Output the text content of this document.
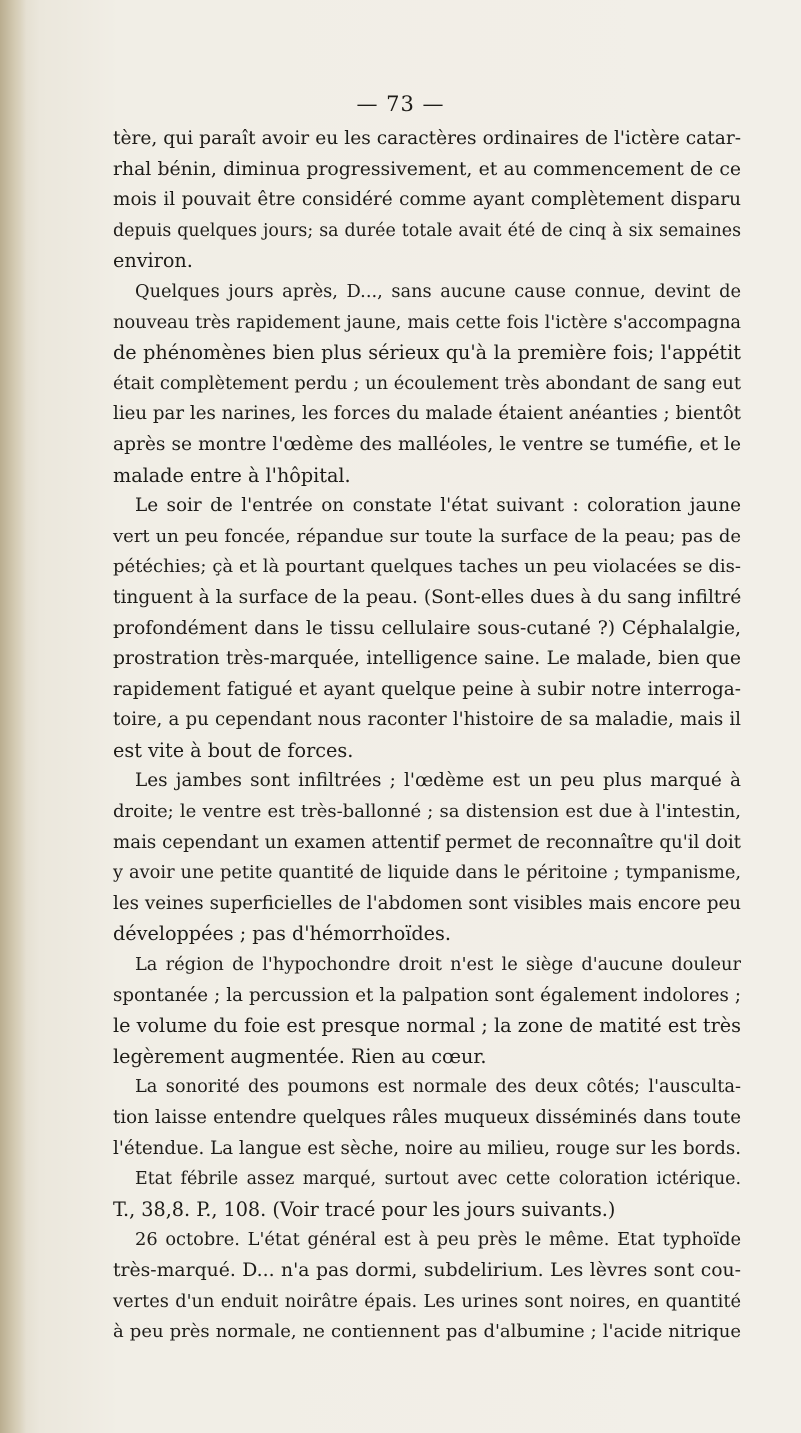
— 73 —
tère, qui paraît avoir eu les caractères ordinaires de l'ictère catar-
rhal bénin, diminua progressivement, et au commencement de ce
mois il pouvait être considéré comme ayant complètement disparu
depuis quelques jours; sa durée totale avait été de cinq à six semaines
environ.
Quelques jours après, D..., sans aucune cause connue, devint de
nouveau très rapidement jaune, mais cette fois l'ictère s'accompagna
de phénomènes bien plus sérieux qu'à la première fois; l'appétit
était complètement perdu ; un écoulement très abondant de sang eut
lieu par les narines, les forces du malade étaient anéanties ; bientôt
après se montre l'œdème des malléoles, le ventre se tuméfie, et le
malade entre à l'hôpital.
Le soir de l'entrée on constate l'état suivant : coloration jaune
vert un peu foncée, répandue sur toute la surface de la peau; pas de
pétéchies; çà et là pourtant quelques taches un peu violacées se dis-
tinguent à la surface de la peau. (Sont-elles dues à du sang infiltré
profondément dans le tissu cellulaire sous-cutané ?) Céphalalgie,
prostration très-marquée, intelligence saine. Le malade, bien que
rapidement fatigué et ayant quelque peine à subir notre interroga-
toire, a pu cependant nous raconter l'histoire de sa maladie, mais il
est vite à bout de forces.
Les jambes sont infiltrées ; l'œdème est un peu plus marqué à
droite; le ventre est très-ballonné ; sa distension est due à l'intestin,
mais cependant un examen attentif permet de reconnaître qu'il doit
y avoir une petite quantité de liquide dans le péritoine ; tympanisme,
les veines superficielles de l'abdomen sont visibles mais encore peu
développées ; pas d'hémorrhoïdes.
La région de l'hypochondre droit n'est le siège d'aucune douleur
spontanée ; la percussion et la palpation sont également indolores ;
le volume du foie est presque normal ; la zone de matité est très
legèrement augmentée. Rien au cœur.
La sonorité des poumons est normale des deux côtés; l'ausculta-
tion laisse entendre quelques râles muqueux disséminés dans toute
l'étendue. La langue est sèche, noire au milieu, rouge sur les bords.
Etat fébrile assez marqué, surtout avec cette coloration ictérique.
T., 38,8. P., 108. (Voir tracé pour les jours suivants.)
26 octobre. L'état général est à peu près le même. Etat typhoïde
très-marqué. D... n'a pas dormi, subdelirium. Les lèvres sont cou-
vertes d'un enduit noirâtre épais. Les urines sont noires, en quantité
à peu près normale, ne contiennent pas d'albumine ; l'acide nitrique
